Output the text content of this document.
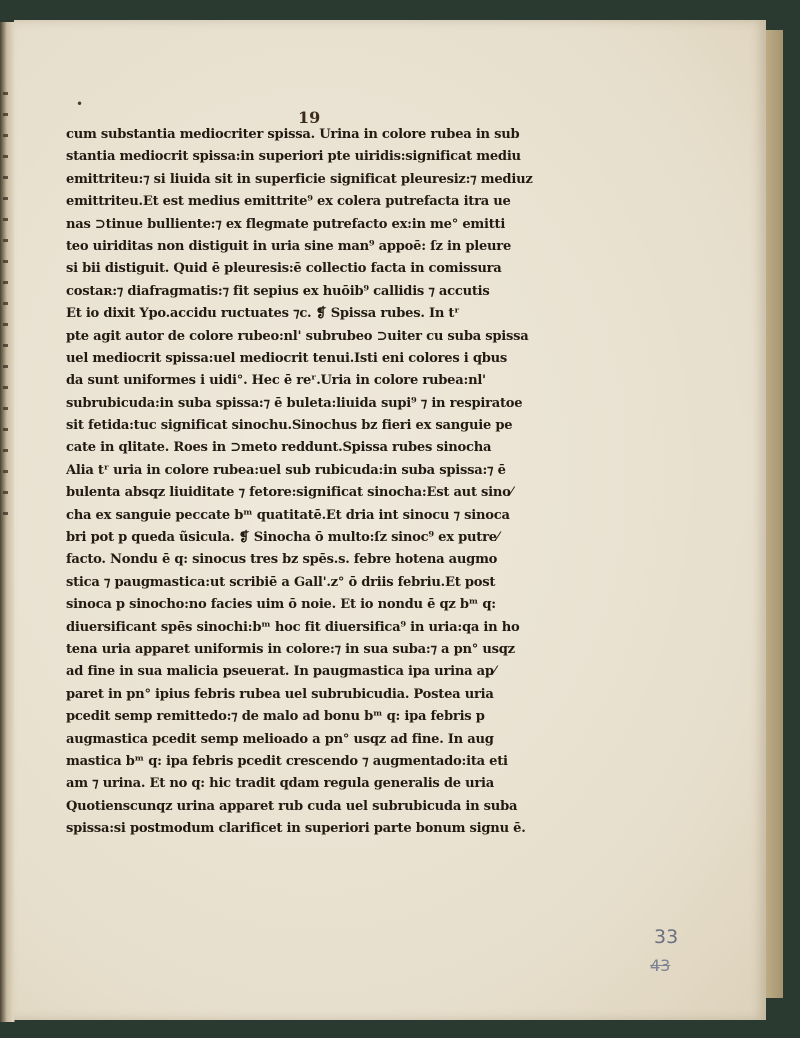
•
19
cum substantia mediocriter spissa. Urina in colore rubea in sub
stantia mediocrit spissa:in superiori pte uiridis:significat mediu
emittriteu:⁊ si liuida sit in superficie significat pleuresiz:⁊ mediuz
emittriteu.Et est medius emittrite⁹ ex colera putrefacta itra ue
nas ⊃tinue bulliente:⁊ ex flegmate putrefacto ex:in me° emitti
teo uiriditas non distiguit in uria sine man⁹ appoē: ſz in pleure
si bii distiguit. Quid ē pleuresis:ē collectio facta in comissura
costaʀ:⁊ diafragmatis:⁊ fit sepius ex huōib⁹ callidis ⁊ accutis
Et io dixit Ypo.accidu ructuates ⁊c. ❡ Spissa rubes. In tʳ
pte agit autor de colore rubeo:nl' subrubeo ⊃uiter cu suba spissa
uel mediocrit spissa:uel mediocrit tenui.Isti eni colores i qbus
da sunt uniformes i uidi°. Hec ē reʳ.Uria in colore rubea:nl'
subrubicuda:in suba spissa:⁊ ē buleta:liuida supi⁹ ⁊ in respiratoe
sit fetida:tuc significat sinochu.Sinochus bz fieri ex sanguie pe
cate in qlitate. Roes in ⊃meto reddunt.Spissa rubes sinocha
Alia tʳ uria in colore rubea:uel sub rubicuda:in suba spissa:⁊ ē
bulenta absqz liuiditate ⁊ fetore:significat sinocha:Est aut sino⁄
cha ex sanguie peccate bᵐ quatitatē.Et dria int sinocu ⁊ sinoca
bri pot p queda ũsicula. ❡ Sinocha ō multo:ſz sinoc⁹ ex putre⁄
facto. Nondu ē q: sinocus tres bz spēs.s. febre hotena augmo
stica ⁊ paugmastica:ut scribiē a Gall'.z° ō driis febriu.Et post
sinoca p sinocho:no facies uim ō noie. Et io nondu ē qz bᵐ q:
diuersificant spēs sinochi:bᵐ hoc fit diuersifica⁹ in uria:qa in ho
tena uria apparet uniformis in colore:⁊ in sua suba:⁊ a pn° usqz
ad fine in sua malicia pseuerat. In paugmastica ipa urina ap⁄
paret in pn° ipius febris rubea uel subrubicudia. Postea uria
pcedit semp remittedo:⁊ de malo ad bonu bᵐ q: ipa febris p
augmastica pcedit semp melioado a pn° usqz ad fine. In aug
mastica bᵐ q: ipa febris pcedit crescendo ⁊ augmentado:ita eti
am ⁊ urina. Et no q: hic tradit qdam regula generalis de uria
Quotienscunqz urina apparet rub cuda uel subrubicuda in suba
spissa:si postmodum clarificet in superiori parte bonum signu ē.
33
43
